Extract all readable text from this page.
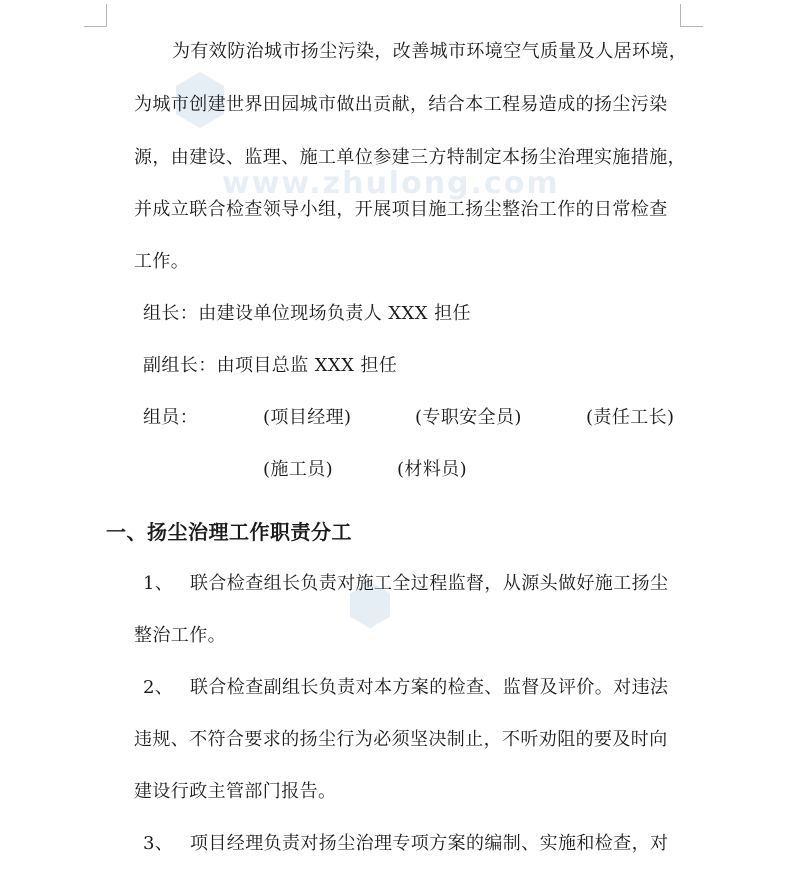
www.zhulong.com
为有效防治城市扬尘污染，改善城市环境空气质量及人居环境，
为城市创建世界田园城市做出贡献，结合本工程易造成的扬尘污染
源，由建设、监理、施工单位参建三方特制定本扬尘治理实施措施，
并成立联合检查领导小组，开展项目施工扬尘整治工作的日常检查
工作。
组长：由建设单位现场负责人 XXX 担任
副组长：由项目总监 XXX 担任
组员：	(项目经理)	(专职安全员)	(责任工长)
(施工员)	(材料员)
一、扬尘治理工作职责分工
1、 联合检查组长负责对施工全过程监督，从源头做好施工扬尘
整治工作。
2、 联合检查副组长负责对本方案的检查、监督及评价。对违法
违规、不符合要求的扬尘行为必须坚决制止，不听劝阻的要及时向
建设行政主管部门报告。
3、 项目经理负责对扬尘治理专项方案的编制、实施和检查，对
